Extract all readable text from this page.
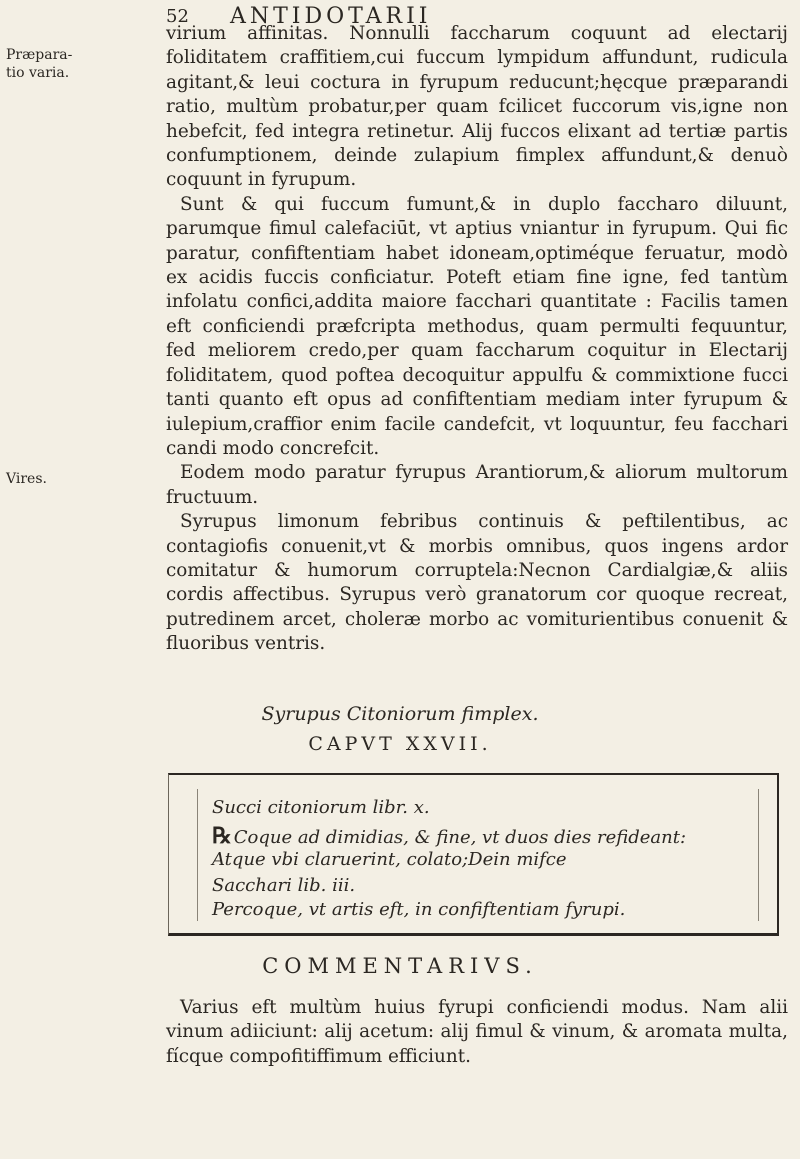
52 ANTIDOTARII
Præpara-
tio varia.
Vires.

virium affinitas. Nonnulli faccharum coquunt ad electarij foliditatem craffitiem,cui fuccum lympidum affundunt, rudicula agitant,& leui coctura in fyrupum reducunt;hęcque præparandi ratio, multùm probatur,per quam fcilicet fuccorum vis,igne non hebefcit, fed integra retinetur. Alij fuccos elixant ad tertiæ partis confumptionem, deinde zulapium fimplex affundunt,& denuò coquunt in fyrupum.

Sunt & qui fuccum fumunt,& in duplo faccharo diluunt, parumque fimul calefaciūt, vt aptius vniantur in fyrupum. Qui fic paratur, confiftentiam habet idoneam,optiméque feruatur, modò ex acidis fuccis conficiatur. Poteft etiam fine igne, fed tantùm infolatu confici,addita maiore facchari quantitate : Facilis tamen eft conficiendi præfcripta methodus, quam permulti fequuntur, fed meliorem credo,per quam faccharum coquitur in Electarij foliditatem, quod poftea decoquitur appulfu & commixtione fucci tanti quanto eft opus ad confiftentiam mediam inter fyrupum & iulepium,craffior enim facile candefcit, vt loquuntur, feu facchari candi modo concrefcit.

Eodem modo paratur fyrupus Arantiorum,& aliorum multorum fructuum.

Syrupus limonum febribus continuis & peftilentibus, ac contagiofis conuenit,vt & morbis omnibus, quos ingens ardor comitatur & humorum corruptela:Necnon Cardialgiæ,& aliis cordis affectibus. Syrupus verò granatorum cor quoque recreat, putredinem arcet, choleræ morbo ac vomiturientibus conuenit & fluoribus ventris.

Syrupus Citoniorum fimplex.
CAPVT XXVII.
Succi citoniorum libr. x.
℞ Coque ad dimidias, & fine, vt duos dies refideant:
Atque vbi claruerint, colato;Dein mifce
Sacchari lib. iii.
Percoque, vt artis eft, in confiftentiam fyrupi.
COMMENTARIVS.

Varius eft multùm huius fyrupi conficiendi modus. Nam alii vinum adiiciunt: alij acetum: alij fimul & vinum, & aromata multa, fícque compofitiffimum efficiunt.
